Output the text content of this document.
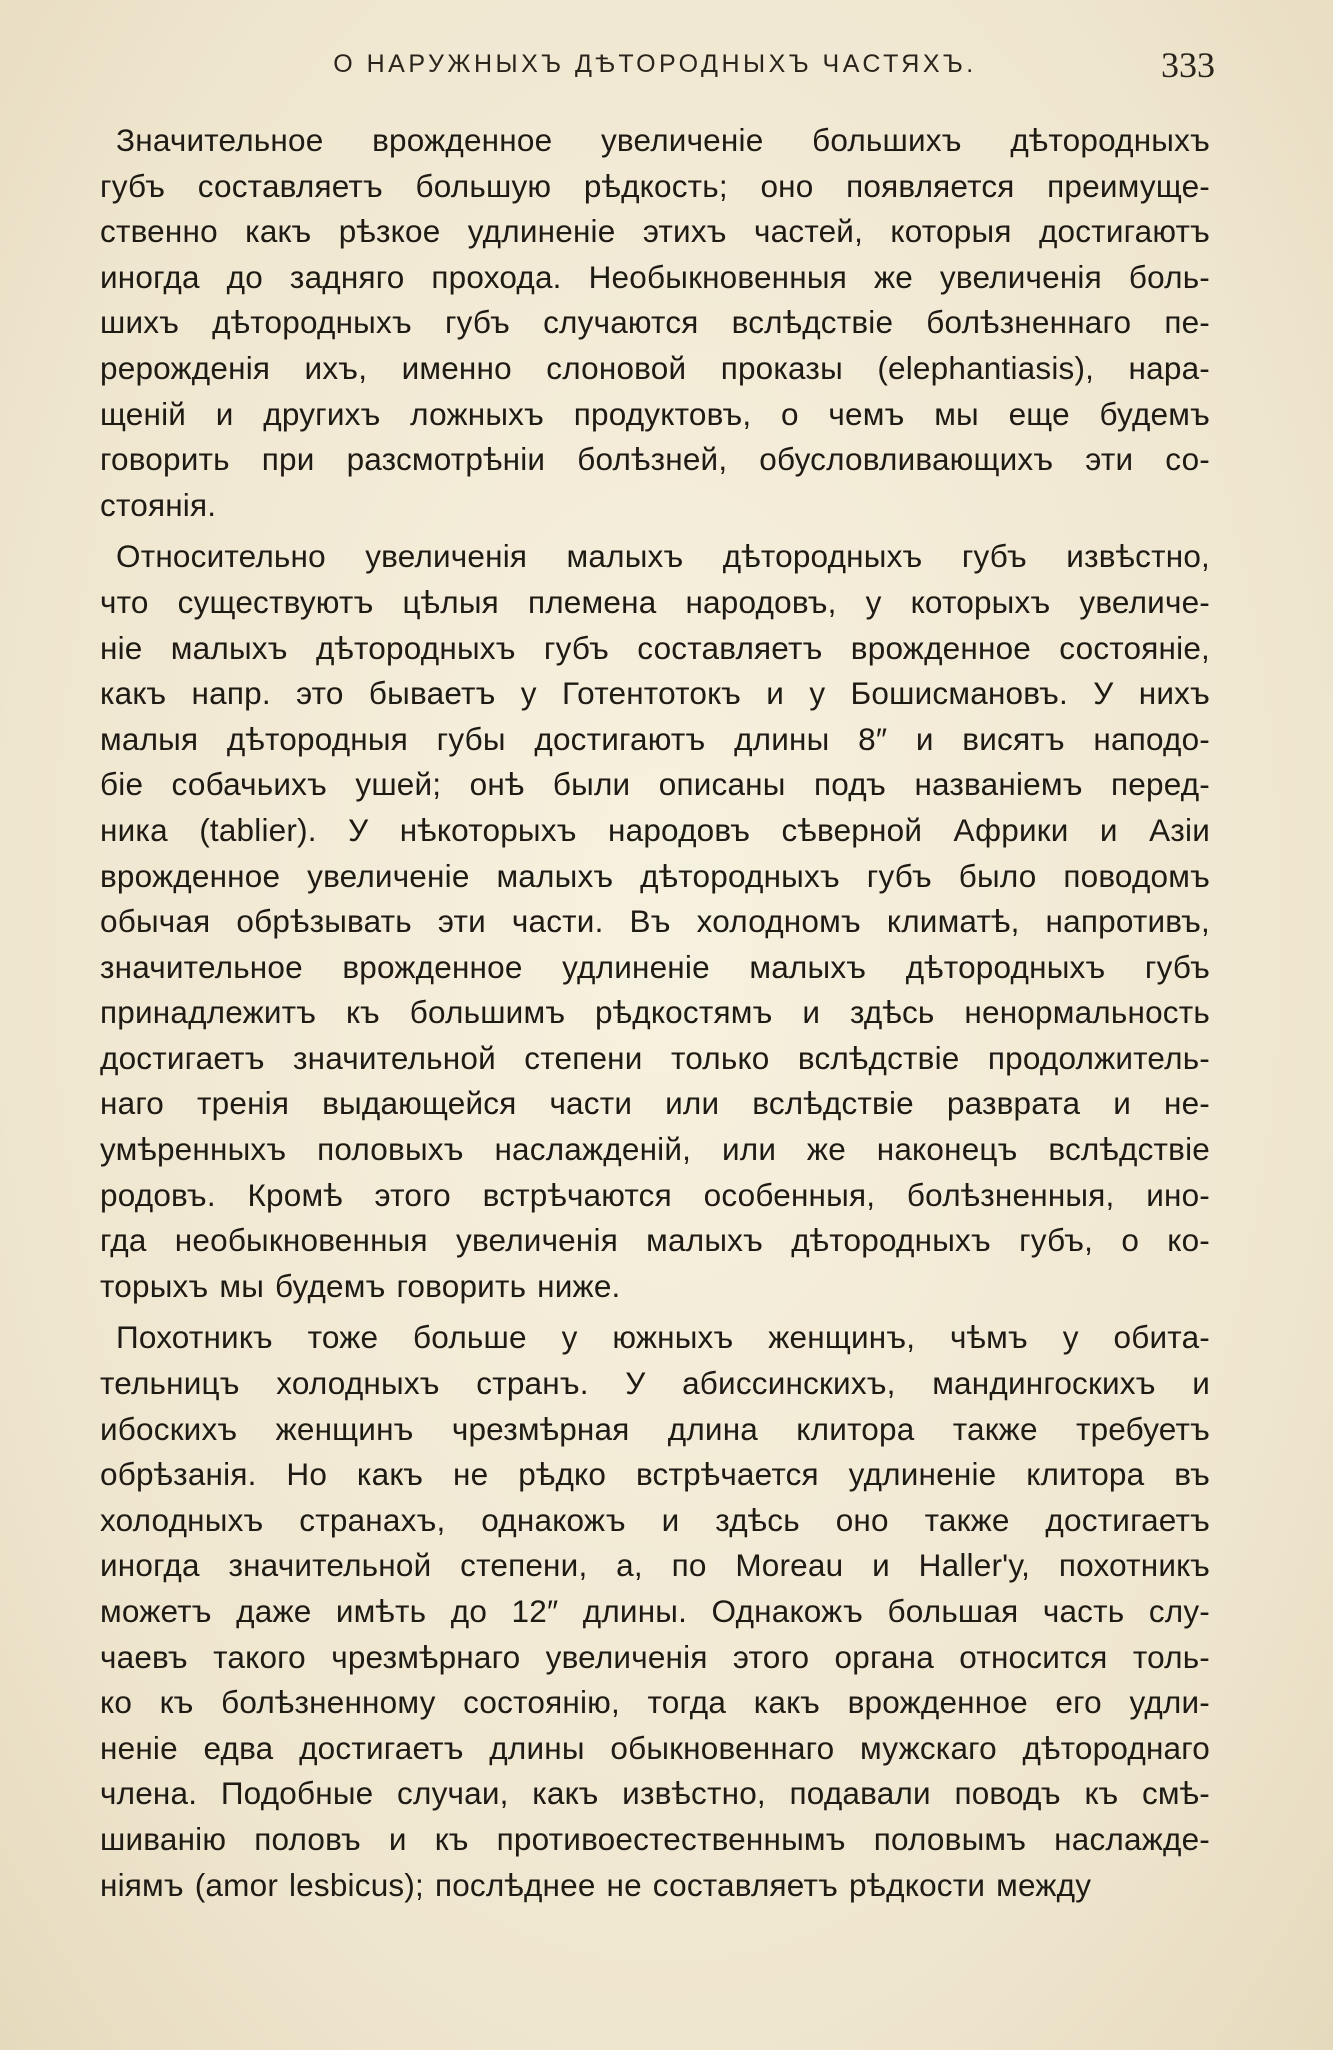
О НАРУЖНЫХЪ ДѢТОРОДНЫХЪ ЧАСТЯХЪ.	333

Значительное врожденное увеличенiе большихъ дѣтородныхъ
губъ составляетъ большую рѣдкость; оно появляется преимуще-
ственно какъ рѣзкое удлиненiе этихъ частей, которыя достигаютъ
иногда до задняго прохода. Необыкновенныя же увеличенiя боль-
шихъ дѣтородныхъ губъ случаются вслѣдствiе болѣзненнаго пе-
рерожденiя ихъ, именно слоновой проказы (elephantiasis), нара-
щенiй и другихъ ложныхъ продуктовъ, о чемъ мы еще будемъ
говорить при разсмотрѣнiи болѣзней, обусловливающихъ эти со-
стоянiя.

Относительно увеличенiя малыхъ дѣтородныхъ губъ извѣстно,
что существуютъ цѣлыя племена народовъ, у которыхъ увеличе-
нiе малыхъ дѣтородныхъ губъ составляетъ врожденное состоянiе,
какъ напр. это бываетъ у Готентотокъ и у Бошисмановъ. У нихъ
малыя дѣтородныя губы достигаютъ длины 8″ и висятъ наподо-
бiе собачьихъ ушей; онѣ были описаны подъ названiемъ перед-
ника (tablier). У нѣкоторыхъ народовъ сѣверной Африки и Азiи
врожденное увеличенiе малыхъ дѣтородныхъ губъ было поводомъ
обычая обрѣзывать эти части. Въ холодномъ климатѣ, напротивъ,
значительное врожденное удлиненiе малыхъ дѣтородныхъ губъ
принадлежитъ къ большимъ рѣдкостямъ и здѣсь ненормальность
достигаетъ значительной степени только вслѣдствiе продолжитель-
наго тренiя выдающейся части или вслѣдствiе разврата и не-
умѣренныхъ половыхъ наслажденiй, или же наконецъ вслѣдствiе
родовъ. Кромѣ этого встрѣчаются особенныя, болѣзненныя, ино-
гда необыкновенныя увеличенiя малыхъ дѣтородныхъ губъ, о ко-
торыхъ мы будемъ говорить ниже.

Похотникъ тоже больше у южныхъ женщинъ, чѣмъ у обита-
тельницъ холодныхъ странъ. У абиссинскихъ, мандингоскихъ и
ибоскихъ женщинъ чрезмѣрная длина клитора также требуетъ
обрѣзанiя. Но какъ не рѣдко встрѣчается удлиненiе клитора въ
холодныхъ странахъ, однакожъ и здѣсь оно также достигаетъ
иногда значительной степени, а, по Moreau и Haller'у, похотникъ
можетъ даже имѣть до 12″ длины. Однакожъ большая часть слу-
чаевъ такого чрезмѣрнаго увеличенiя этого органа относится толь-
ко къ болѣзненному состоянiю, тогда какъ врожденное его удли-
ненiе едва достигаетъ длины обыкновеннаго мужскаго дѣтороднаго
члена. Подобные случаи, какъ извѣстно, подавали поводъ къ смѣ-
шиванiю половъ и къ противоестественнымъ половымъ наслажде-
нiямъ (amor lesbicus); послѣднее не составляетъ рѣдкости между
